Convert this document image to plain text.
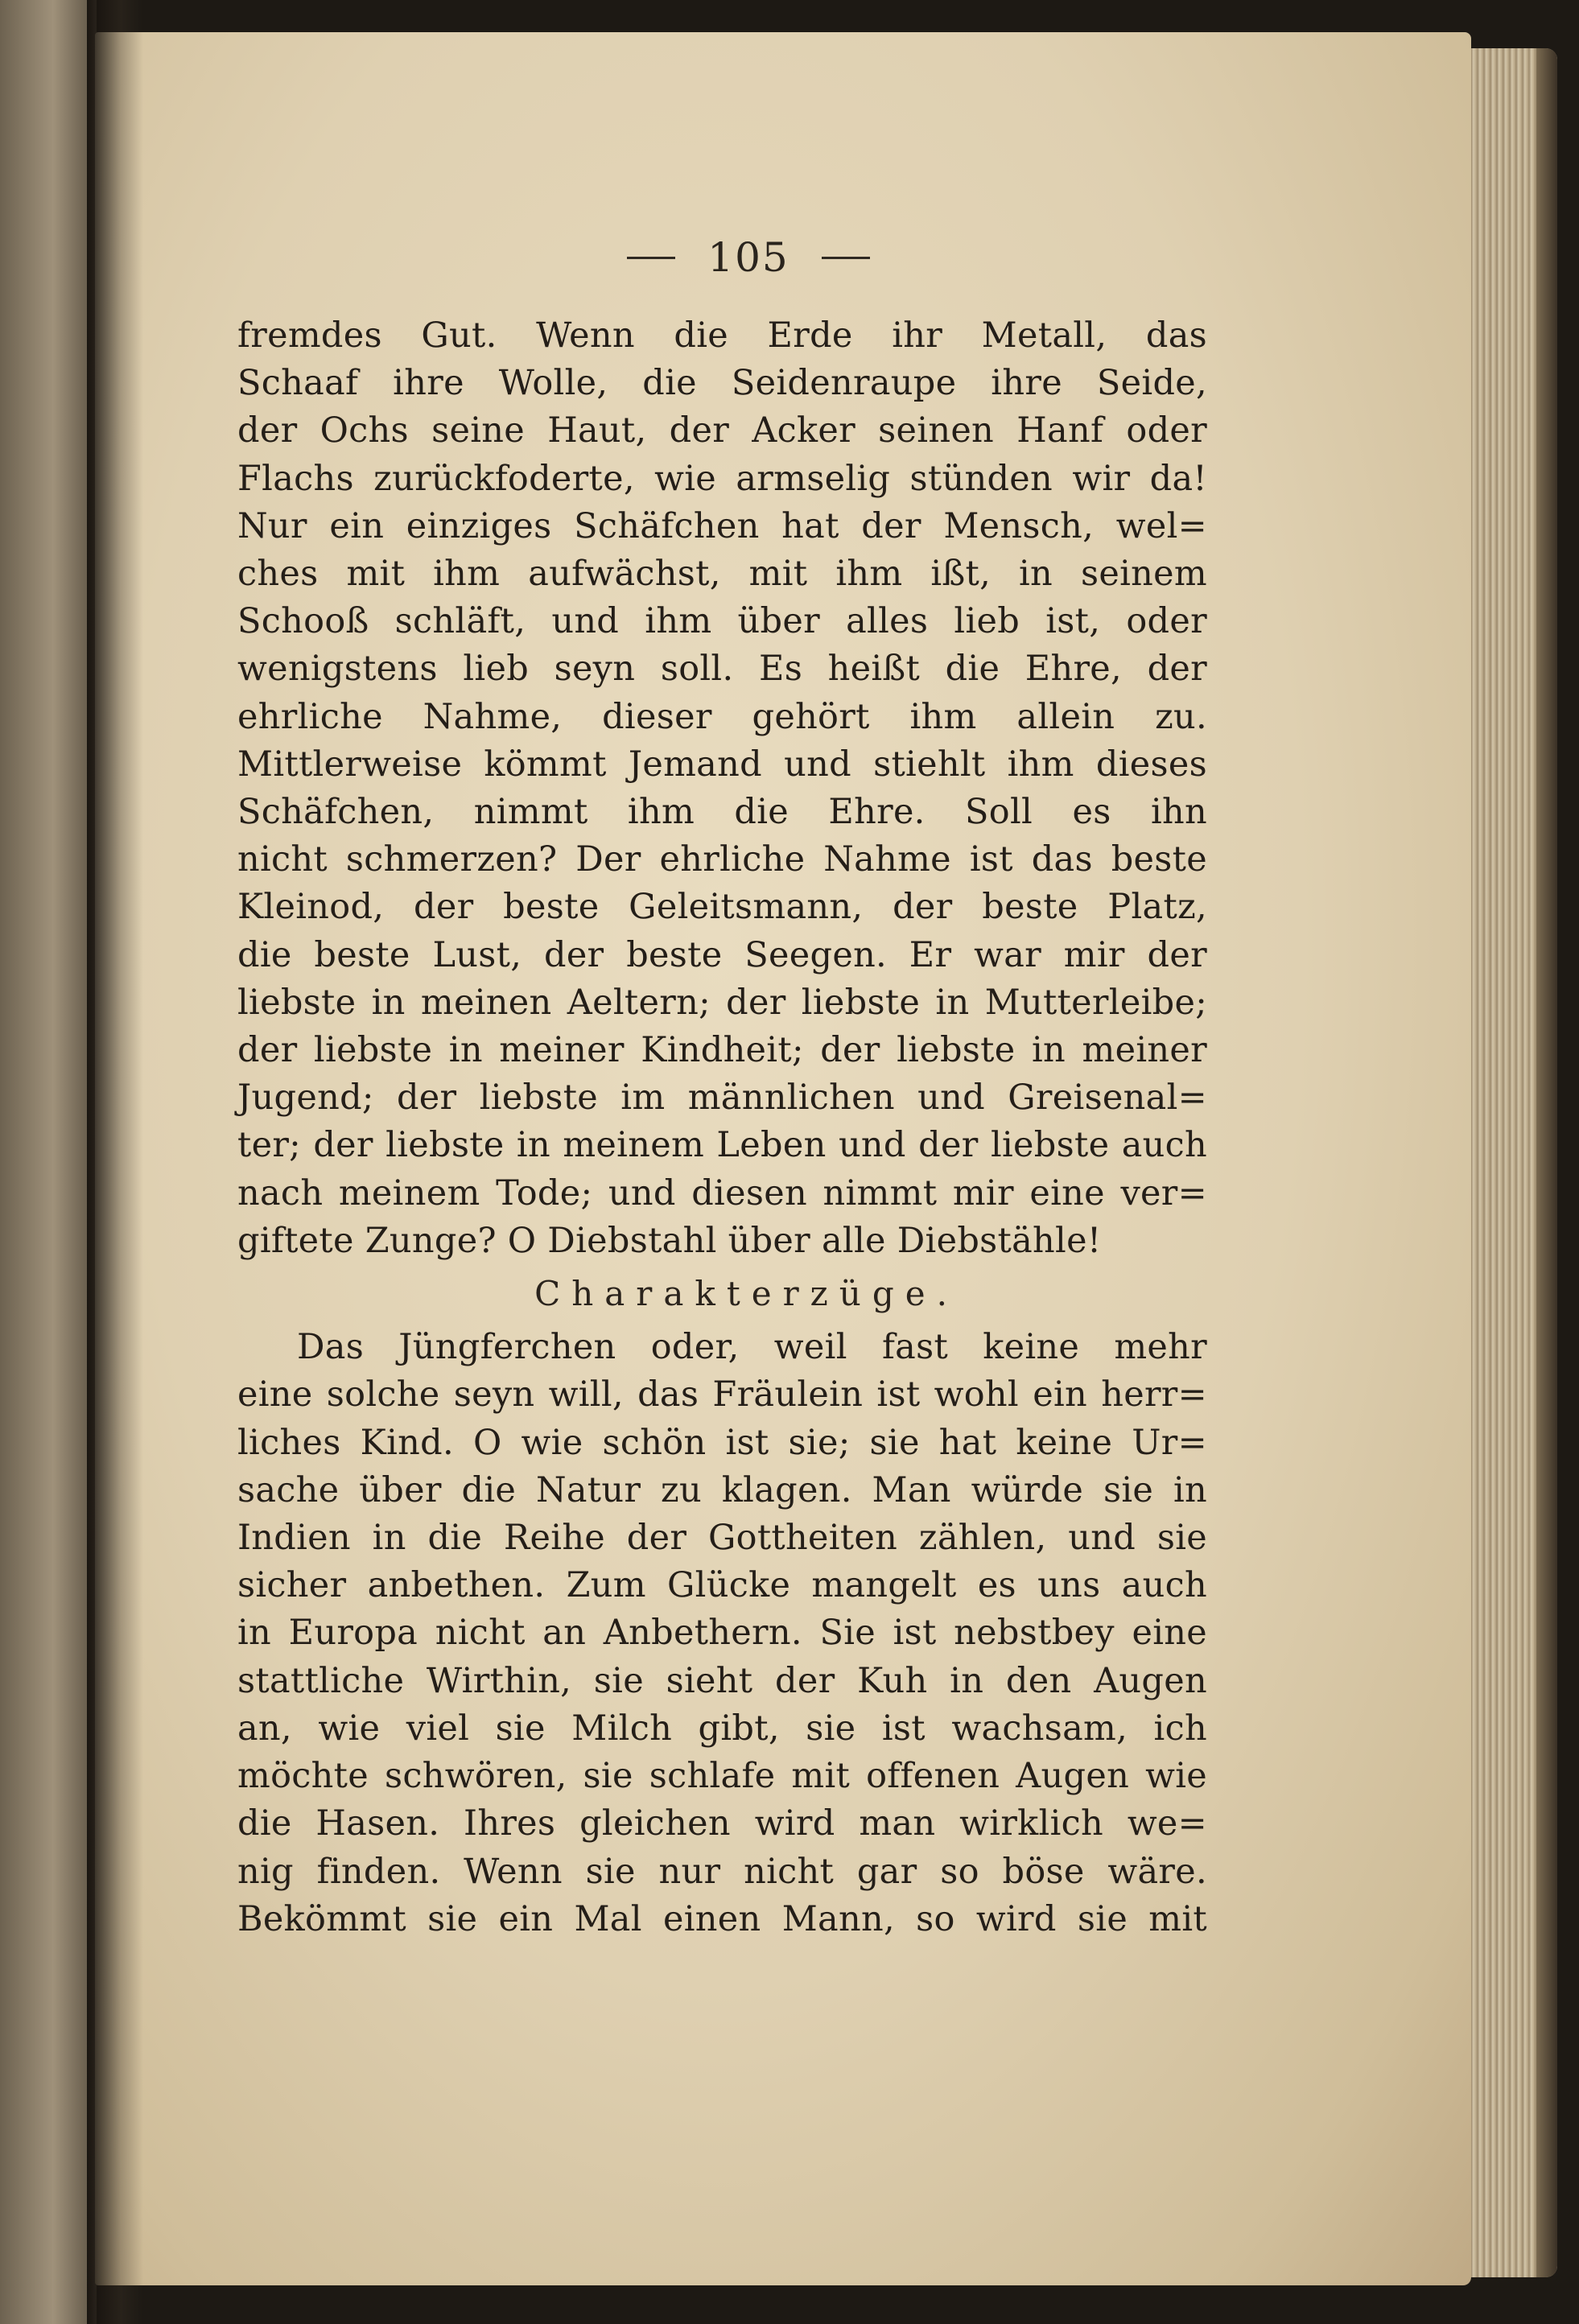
105
fremdes Gut. Wenn die Erde ihr Metall, das
Schaaf ihre Wolle, die Seidenraupe ihre Seide,
der Ochs seine Haut, der Acker seinen Hanf oder
Flachs zurückfoderte, wie armselig stünden wir da!
Nur ein einziges Schäfchen hat der Mensch, wel=
ches mit ihm aufwächst, mit ihm ißt, in seinem
Schooß schläft, und ihm über alles lieb ist, oder
wenigstens lieb seyn soll. Es heißt die Ehre, der
ehrliche Nahme, dieser gehört ihm allein zu.
Mittlerweise kömmt Jemand und stiehlt ihm dieses
Schäfchen, nimmt ihm die Ehre. Soll es ihn
nicht schmerzen? Der ehrliche Nahme ist das beste
Kleinod, der beste Geleitsmann, der beste Platz,
die beste Lust, der beste Seegen. Er war mir der
liebste in meinen Aeltern; der liebste in Mutterleibe;
der liebste in meiner Kindheit; der liebste in meiner
Jugend; der liebste im männlichen und Greisenal=
ter; der liebste in meinem Leben und der liebste auch
nach meinem Tode; und diesen nimmt mir eine ver=
giftete Zunge? O Diebstahl über alle Diebstähle!
Charakterzüge.
Das Jüngferchen oder, weil fast keine mehr
eine solche seyn will, das Fräulein ist wohl ein herr=
liches Kind. O wie schön ist sie; sie hat keine Ur=
sache über die Natur zu klagen. Man würde sie in
Indien in die Reihe der Gottheiten zählen, und sie
sicher anbethen. Zum Glücke mangelt es uns auch
in Europa nicht an Anbethern. Sie ist nebstbey eine
stattliche Wirthin, sie sieht der Kuh in den Augen
an, wie viel sie Milch gibt, sie ist wachsam, ich
möchte schwören, sie schlafe mit offenen Augen wie
die Hasen. Ihres gleichen wird man wirklich we=
nig finden. Wenn sie nur nicht gar so böse wäre.
Bekömmt sie ein Mal einen Mann, so wird sie mit
